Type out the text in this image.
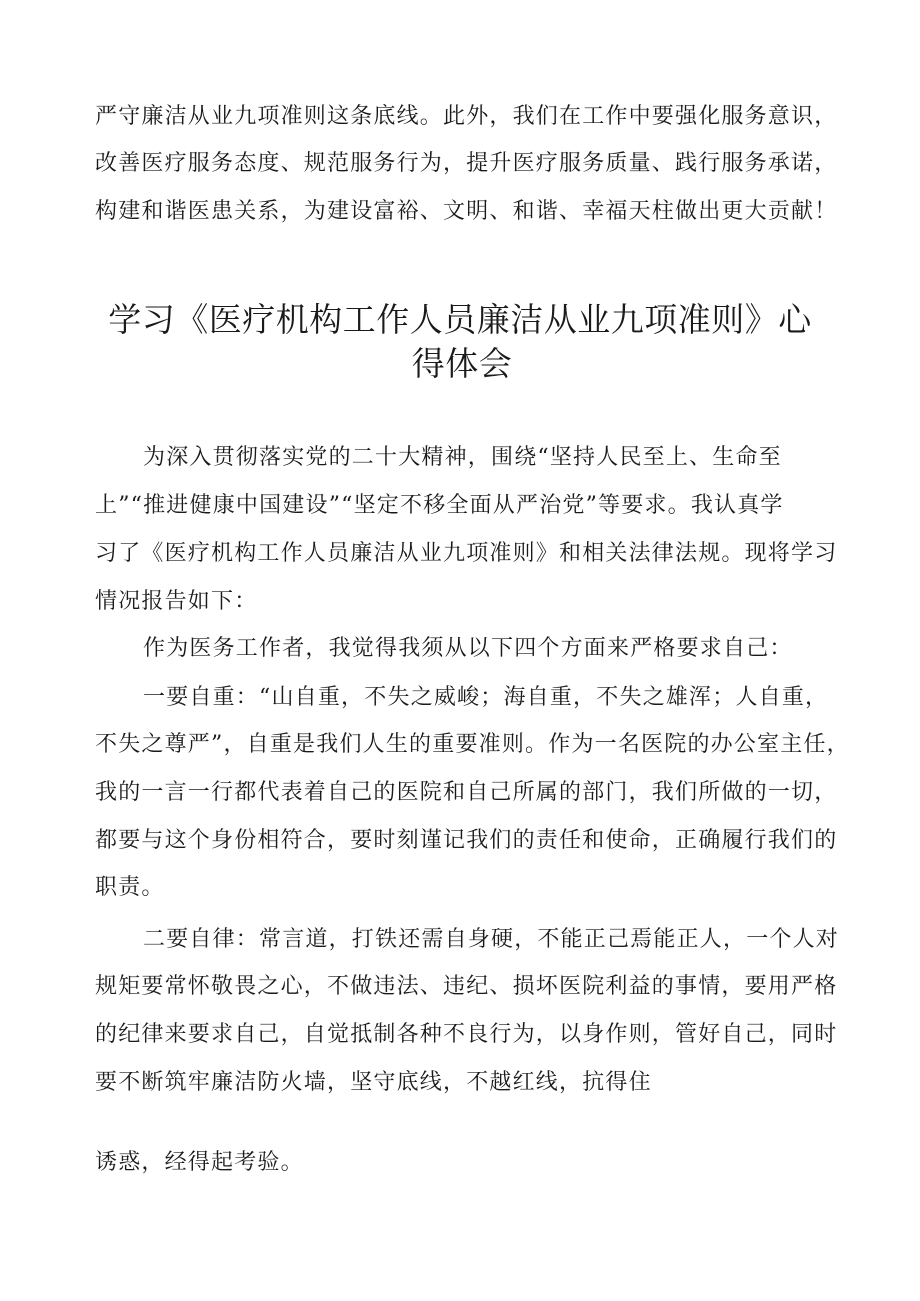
严守廉洁从业九项准则这条底线。此外，我们在工作中要强化服务意识，
改善医疗服务态度、规范服务行为，提升医疗服务质量、践行服务承诺，
构建和谐医患关系，为建设富裕、文明、和谐、幸福天柱做出更大贡献！
学习《医疗机构工作人员廉洁从业九项准则》心
得体会
为深入贯彻落实党的二十大精神，围绕“坚持人民至上、生命至
上”“推进健康中国建设”“坚定不移全面从严治党”等要求。我认真学
习了《医疗机构工作人员廉洁从业九项准则》和相关法律法规。现将学习
情况报告如下：
作为医务工作者，我觉得我须从以下四个方面来严格要求自己：
一要自重：“山自重，不失之威峻；海自重，不失之雄浑；人自重，
不失之尊严”，自重是我们人生的重要准则。作为一名医院的办公室主任，
我的一言一行都代表着自己的医院和自己所属的部门，我们所做的一切，
都要与这个身份相符合，要时刻谨记我们的责任和使命，正确履行我们的
职责。
二要自律：常言道，打铁还需自身硬，不能正己焉能正人，一个人对
规矩要常怀敬畏之心，不做违法、违纪、损坏医院利益的事情，要用严格
的纪律来要求自己，自觉抵制各种不良行为，以身作则，管好自己，同时
要不断筑牢廉洁防火墙，坚守底线，不越红线，抗得住
诱惑，经得起考验。
